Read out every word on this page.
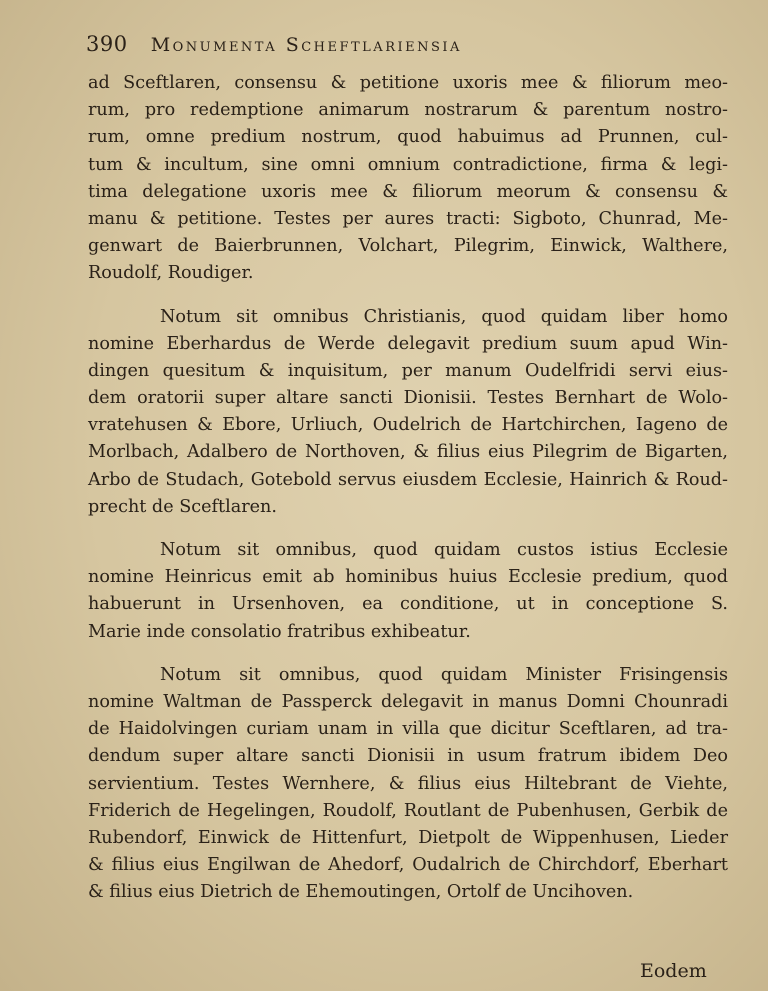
390 Monumenta Scheftlariensia
ad Sceftlaren, consensu & petitione uxoris mee & filiorum meo-
rum, pro redemptione animarum nostrarum & parentum nostro-
rum, omne predium nostrum, quod habuimus ad Prunnen, cul-
tum & incultum, sine omni omnium contradictione, firma & legi-
tima delegatione uxoris mee & filiorum meorum & consensu &
manu & petitione. Testes per aures tracti: Sigboto, Chunrad, Me-
genwart de Baierbrunnen, Volchart, Pilegrim, Einwick, Walthere,
Roudolf, Roudiger.
Notum sit omnibus Christianis, quod quidam liber homo
nomine Eberhardus de Werde delegavit predium suum apud Win-
dingen quesitum & inquisitum, per manum Oudelfridi servi eius-
dem oratorii super altare sancti Dionisii. Testes Bernhart de Wolo-
vratehusen & Ebore, Urliuch, Oudelrich de Hartchirchen, Iageno de
Morlbach, Adalbero de Northoven, & filius eius Pilegrim de Bigarten,
Arbo de Studach, Gotebold servus eiusdem Ecclesie, Hainrich & Roud-
precht de Sceftlaren.
Notum sit omnibus, quod quidam custos istius Ecclesie
nomine Heinricus emit ab hominibus huius Ecclesie predium, quod
habuerunt in Ursenhoven, ea conditione, ut in conceptione S.
Marie inde consolatio fratribus exhibeatur.
Notum sit omnibus, quod quidam Minister Frisingensis
nomine Waltman de Passperck delegavit in manus Domni Chounradi
de Haidolvingen curiam unam in villa que dicitur Sceftlaren, ad tra-
dendum super altare sancti Dionisii in usum fratrum ibidem Deo
servientium. Testes Wernhere, & filius eius Hiltebrant de Viehte,
Friderich de Hegelingen, Roudolf, Routlant de Pubenhusen, Gerbik de
Rubendorf, Einwick de Hittenfurt, Dietpolt de Wippenhusen, Lieder
& filius eius Engilwan de Ahedorf, Oudalrich de Chirchdorf, Eberhart
& filius eius Dietrich de Ehemoutingen, Ortolf de Uncihoven.
Eodem
